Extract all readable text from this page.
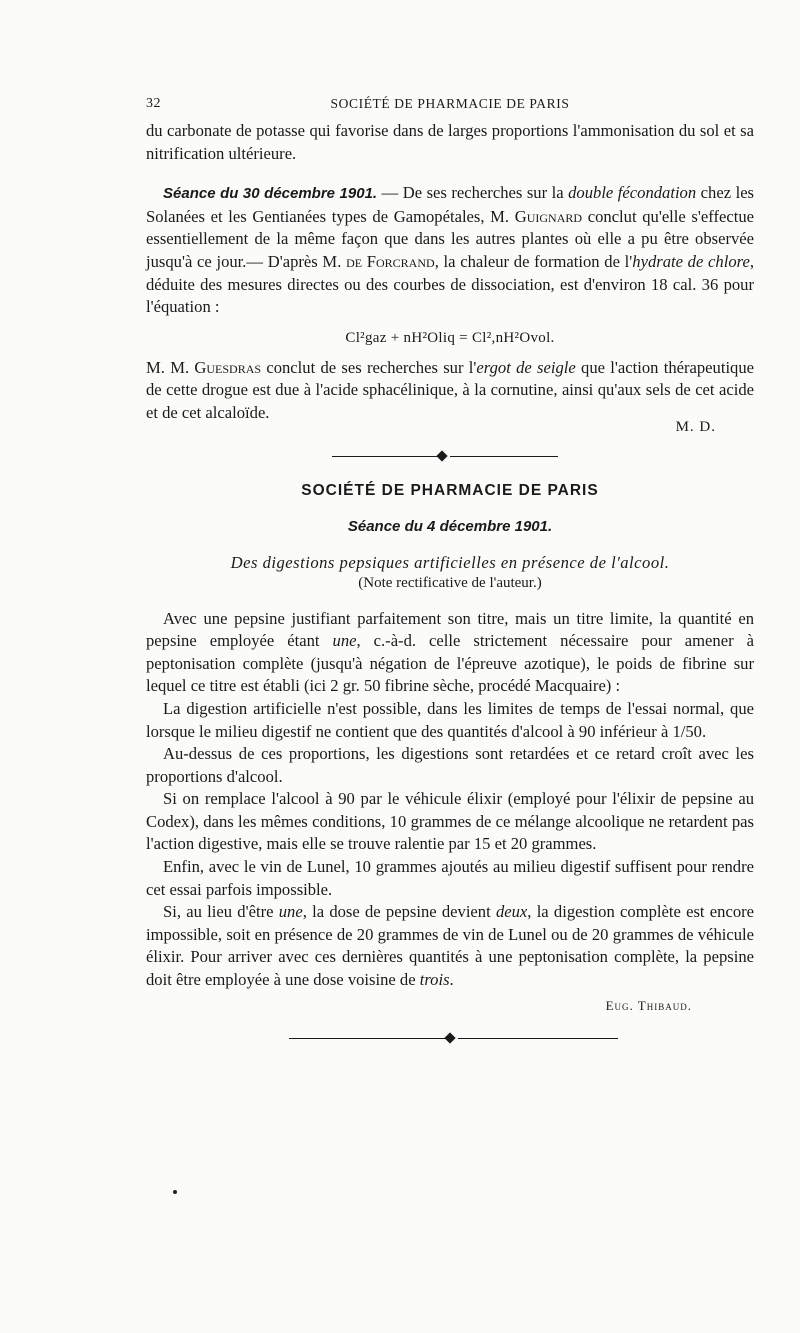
32	SOCIÉTÉ DE PHARMACIE DE PARIS

du carbonate de potasse qui favorise dans de larges proportions l'ammonisation du sol et sa nitrification ultérieure.

Séance du 30 décembre 1901. — De ses recherches sur la double fécondation chez les Solanées et les Gentianées types de Gamopétales, M. Guignard conclut qu'elle s'effectue essentiellement de la même façon que dans les autres plantes où elle a pu être observée jusqu'à ce jour.— D'après M. de Forcrand, la chaleur de formation de l'hydrate de chlore, déduite des mesures directes ou des courbes de dissociation, est d'environ 18 cal. 36 pour l'équation :

Cl²gaz + nH²Oliq = Cl²,nH²Ovol.

M. M. Guesdras conclut de ses recherches sur l'ergot de seigle que l'action thérapeutique de cette drogue est due à l'acide sphacélinique, à la cornutine, ainsi qu'aux sels de cet acide et de cet alcaloïde.

M. D.
SOCIÉTÉ DE PHARMACIE DE PARIS
Séance du 4 décembre 1901.
Des digestions pepsiques artificielles en présence de l'alcool.
(Note rectificative de l'auteur.)

Avec une pepsine justifiant parfaitement son titre, mais un titre limite, la quantité en pepsine employée étant une, c.-à-d. celle strictement nécessaire pour amener à peptonisation complète (jusqu'à négation de l'épreuve azotique), le poids de fibrine sur lequel ce titre est établi (ici 2 gr. 50 fibrine sèche, procédé Macquaire) :

La digestion artificielle n'est possible, dans les limites de temps de l'essai normal, que lorsque le milieu digestif ne contient que des quantités d'alcool à 90 inférieur à 1/50.

Au-dessus de ces proportions, les digestions sont retardées et ce retard croît avec les proportions d'alcool.

Si on remplace l'alcool à 90 par le véhicule élixir (employé pour l'élixir de pepsine au Codex), dans les mêmes conditions, 10 grammes de ce mélange alcoolique ne retardent pas l'action digestive, mais elle se trouve ralentie par 15 et 20 grammes.

Enfin, avec le vin de Lunel, 10 grammes ajoutés au milieu digestif suffisent pour rendre cet essai parfois impossible.

Si, au lieu d'être une, la dose de pepsine devient deux, la digestion complète est encore impossible, soit en présence de 20 grammes de vin de Lunel ou de 20 grammes de véhicule élixir. Pour arriver avec ces dernières quantités à une peptonisation complète, la pepsine doit être employée à une dose voisine de trois.

Eug. Thibaud.
